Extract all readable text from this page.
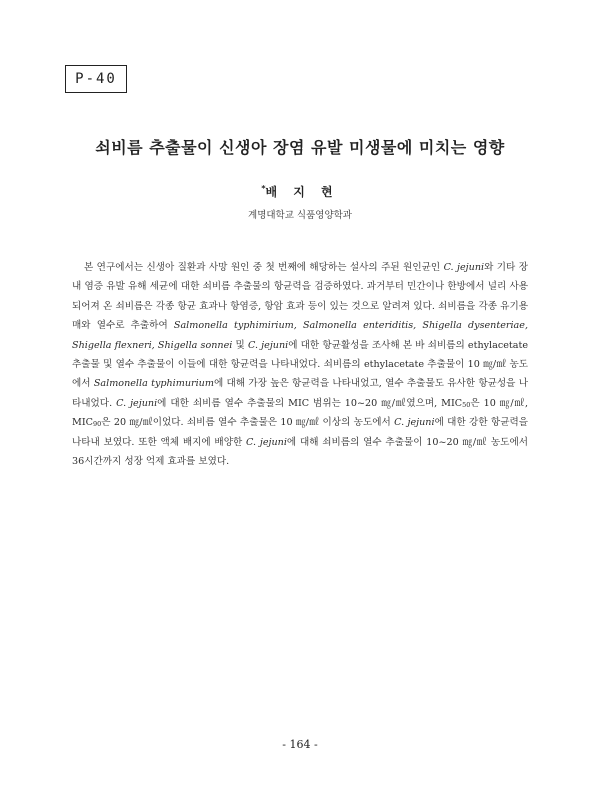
P-40
쇠비름 추출물이 신생아 장염 유발 미생물에 미치는 영향
*배 지 현
계명대학교 식품영양학과

본 연구에서는 신생아 질환과 사망 원인 중 첫 번째에 해당하는 설사의 주된 원인균인 C. jejuni와 기타 장내 염증 유발 유해 세균에 대한 쇠비름 추출물의 항균력을 검증하였다. 과거부터 민간이나 한방에서 널리 사용되어져 온 쇠비름은 각종 항균 효과나 항염증, 항암 효과 등이 있는 것으로 알려져 있다. 쇠비름을 각종 유기용매와 열수로 추출하여 Salmonella typhimirium, Salmonella enteriditis, Shigella dysenteriae, Shigella flexneri, Shigella sonnei 및 C. jejuni에 대한 항균활성을 조사해 본 바 쇠비름의 ethylacetate 추출물 및 열수 추출물이 이들에 대한 항균력을 나타내었다. 쇠비름의 ethylacetate 추출물이 10 ㎎/㎖ 농도에서 Salmonella typhimurium에 대해 가장 높은 항균력을 나타내었고, 열수 추출물도 유사한 항균성을 나타내었다. C. jejuni에 대한 쇠비름 열수 추출물의 MIC 범위는 10~20 ㎎/㎖였으며, $MIC_{50}$은 10 ㎎/㎖, $MIC_{90}$은 20 ㎎/㎖이었다. 쇠비름 열수 추출물은 10 ㎎/㎖ 이상의 농도에서 C. jejuni에 대한 강한 항균력을 나타내 보였다. 또한 액체 배지에 배양한 C. jejuni에 대해 쇠비름의 열수 추출물이 10~20 ㎎/㎖ 농도에서 36시간까지 성장 억제 효과를 보였다.

- 164 -
